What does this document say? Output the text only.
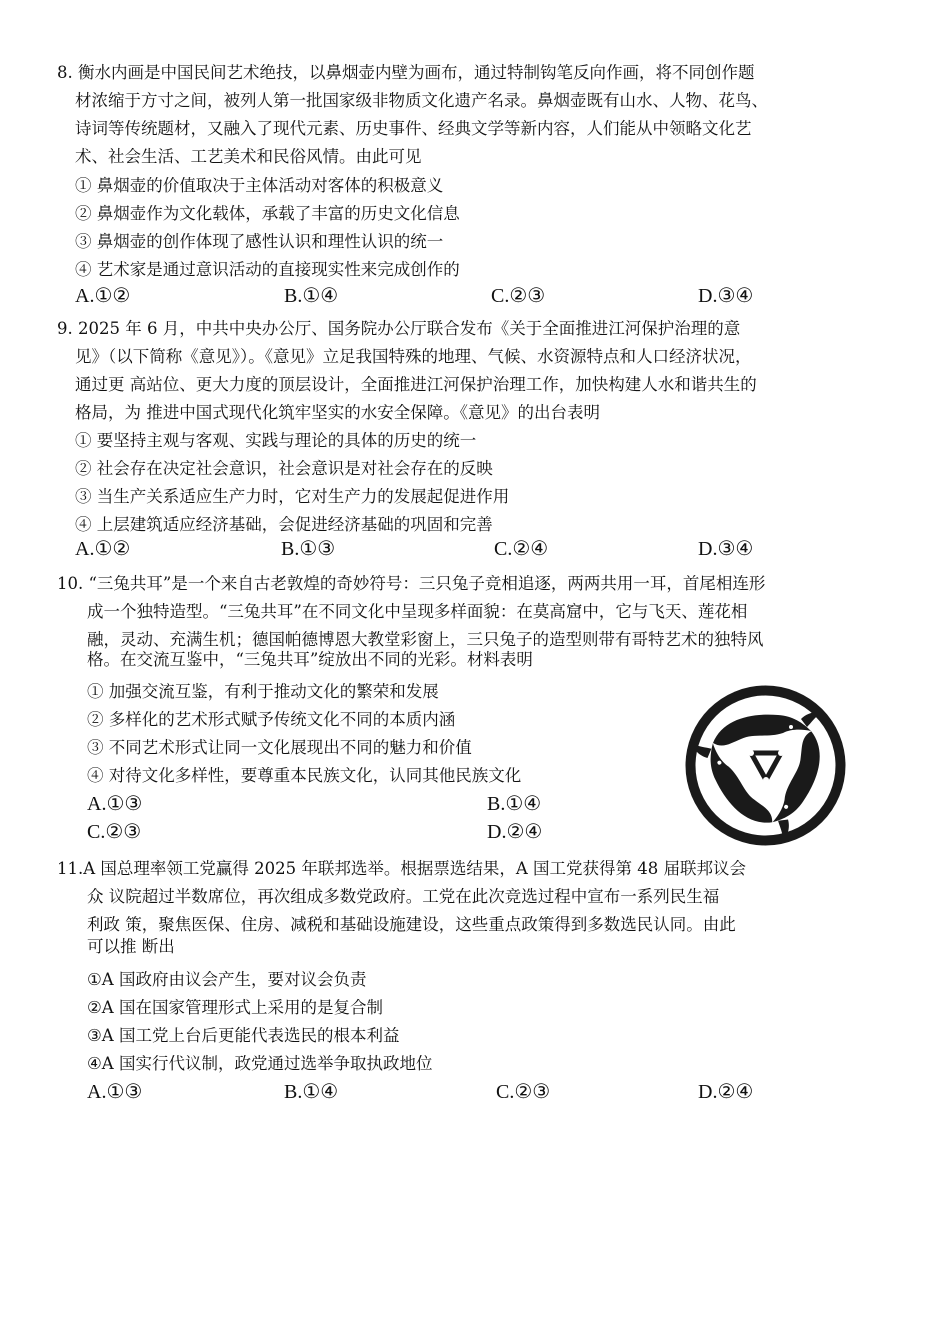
8. 衡水内画是中国民间艺术绝技，以鼻烟壶内壁为画布，通过特制钩笔反向作画，将不同创作题
材浓缩于方寸之间，被列人第一批国家级非物质文化遗产名录。鼻烟壶既有山水、人物、花鸟、
诗词等传统题材，又融入了现代元素、历史事件、经典文学等新内容，人们能从中领略文化艺
术、社会生活、工艺美术和民俗风情。由此可见
① 鼻烟壶的价值取决于主体活动对客体的积极意义
② 鼻烟壶作为文化载体，承载了丰富的历史文化信息
③ 鼻烟壶的创作体现了感性认识和理性认识的统一
④ 艺术家是通过意识活动的直接现实性来完成创作的
A.①②	B.①④	C.②③	D.③④
9. 2025 年 6 月，中共中央办公厅、国务院办公厅联合发布《关于全面推进江河保护治理的意
见》（以下简称《意见》）。《意见》立足我国特殊的地理、气候、水资源特点和人口经济状况，
通过更 高站位、更大力度的顶层设计，全面推进江河保护治理工作，加快构建人水和谐共生的
格局，为 推进中国式现代化筑牢坚实的水安全保障。《意见》的出台表明
① 要坚持主观与客观、实践与理论的具体的历史的统一
② 社会存在决定社会意识，社会意识是对社会存在的反映
③ 当生产关系适应生产力时，它对生产力的发展起促进作用
④ 上层建筑适应经济基础，会促进经济基础的巩固和完善
A.①②	B.①③	C.②④	D.③④
10. “三兔共耳”是一个来自古老敦煌的奇妙符号：三只兔子竞相追逐，两两共用一耳，首尾相连形
成一个独特造型。“三兔共耳”在不同文化中呈现多样面貌：在莫高窟中，它与飞天、莲花相
融，灵动、充满生机；德国帕德博恩大教堂彩窗上，三只兔子的造型则带有哥特艺术的独特风
格。在交流互鉴中，“三兔共耳”绽放出不同的光彩。材料表明
① 加强交流互鉴，有利于推动文化的繁荣和发展
② 多样化的艺术形式赋予传统文化不同的本质内涵
③ 不同艺术形式让同一文化展现出不同的魅力和价值
④ 对待文化多样性，要尊重本民族文化，认同其他民族文化
A.①③	B.①④
C.②③	D.②④
11.A 国总理率领工党赢得 2025 年联邦选举。根据票选结果，A 国工党获得第 48 届联邦议会
众 议院超过半数席位，再次组成多数党政府。工党在此次竞选过程中宣布一系列民生福
利政 策，聚焦医保、住房、减税和基础设施建设，这些重点政策得到多数选民认同。由此
可以推 断出
①A 国政府由议会产生，要对议会负责
②A 国在国家管理形式上采用的是复合制
③A 国工党上台后更能代表选民的根本利益
④A 国实行代议制，政党通过选举争取执政地位
A.①③	B.①④	C.②③	D.②④
